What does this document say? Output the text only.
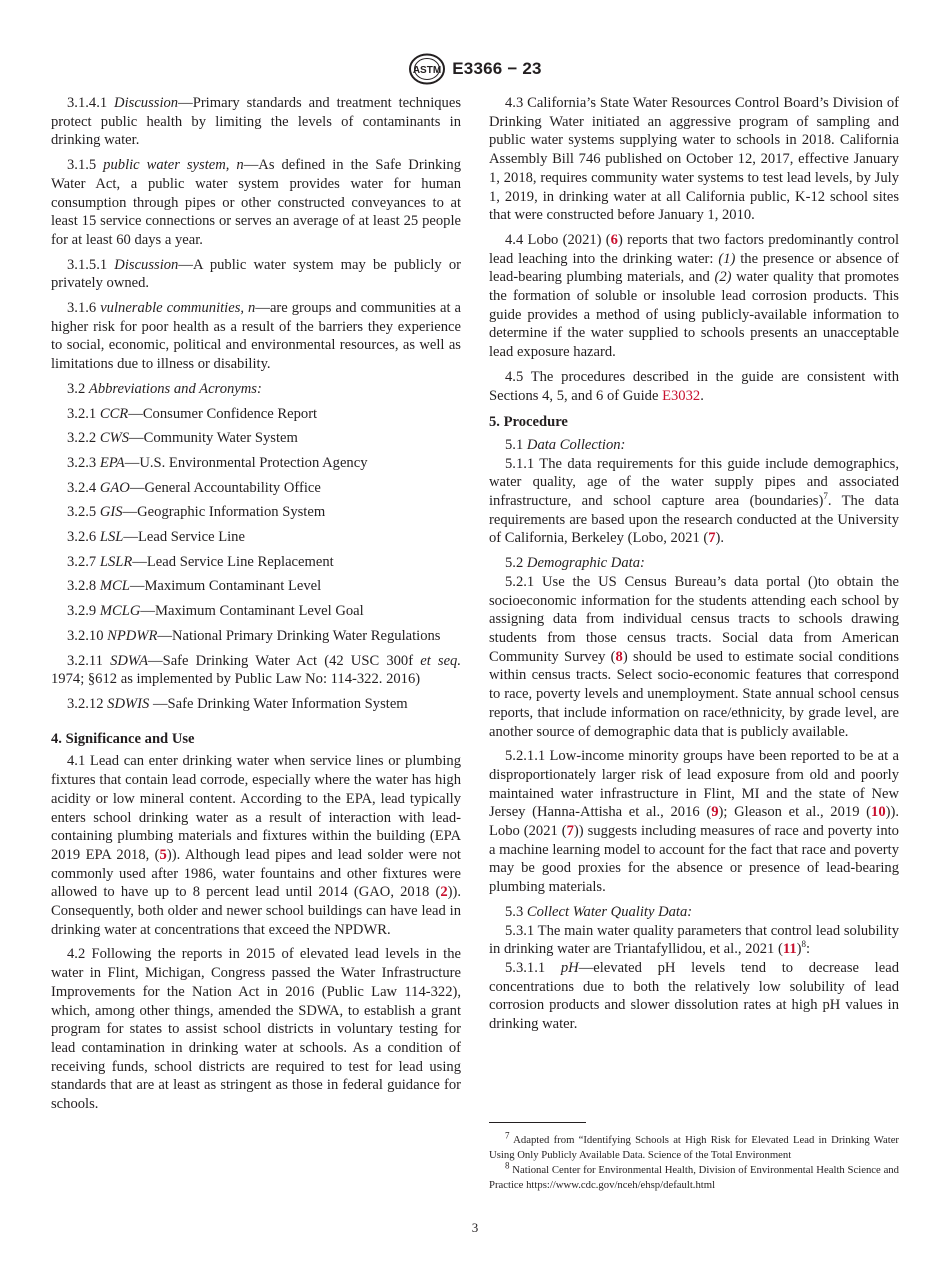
ASTM E3366 − 23

3.1.4.1 Discussion—Primary standards and treatment techniques protect public health by limiting the levels of contaminants in drinking water.

3.1.5 public water system, n—As defined in the Safe Drinking Water Act, a public water system provides water for human consumption through pipes or other constructed conveyances to at least 15 service connections or serves an average of at least 25 people for at least 60 days a year.

3.1.5.1 Discussion—A public water system may be publicly or privately owned.

3.1.6 vulnerable communities, n—are groups and communities at a higher risk for poor health as a result of the barriers they experience to social, economic, political and environmental resources, as well as limitations due to illness or disability.

3.2 Abbreviations and Acronyms:

3.2.1 CCR—Consumer Confidence Report

3.2.2 CWS—Community Water System

3.2.3 EPA—U.S. Environmental Protection Agency

3.2.4 GAO—General Accountability Office

3.2.5 GIS—Geographic Information System

3.2.6 LSL—Lead Service Line

3.2.7 LSLR—Lead Service Line Replacement

3.2.8 MCL—Maximum Contaminant Level

3.2.9 MCLG—Maximum Contaminant Level Goal

3.2.10 NPDWR—National Primary Drinking Water Regulations

3.2.11 SDWA—Safe Drinking Water Act (42 USC 300f et seq. 1974; §612 as implemented by Public Law No: 114-322. 2016)

3.2.12 SDWIS —Safe Drinking Water Information System

4. Significance and Use

4.1 Lead can enter drinking water when service lines or plumbing fixtures that contain lead corrode, especially where the water has high acidity or low mineral content. According to the EPA, lead typically enters school drinking water as a result of interaction with lead-containing plumbing materials and fixtures within the building (EPA 2019 EPA 2018, (5)). Although lead pipes and lead solder were not commonly used after 1986, water fountains and other fixtures were allowed to have up to 8 percent lead until 2014 (GAO, 2018 (2)). Consequently, both older and newer school buildings can have lead in drinking water at concentrations that exceed the NPDWR.

4.2 Following the reports in 2015 of elevated lead levels in the water in Flint, Michigan, Congress passed the Water Infrastructure Improvements for the Nation Act in 2016 (Public Law 114-322), which, among other things, amended the SDWA, to establish a grant program for states to assist school districts in voluntary testing for lead contamination in drinking water at schools. As a condition of receiving funds, school districts are required to test for lead using standards that are at least as stringent as those in federal guidance for schools.

4.3 California’s State Water Resources Control Board’s Division of Drinking Water initiated an aggressive program of sampling and public water systems supplying water to schools in 2018. California Assembly Bill 746 published on October 12, 2017, effective January 1, 2018, requires community water systems to test lead levels, by July 1, 2019, in drinking water at all California public, K-12 school sites that were constructed before January 1, 2010.

4.4 Lobo (2021) (6) reports that two factors predominantly control lead leaching into the drinking water: (1) the presence or absence of lead-bearing plumbing materials, and (2) water quality that promotes the formation of soluble or insoluble lead corrosion products. This guide provides a method of using publicly-available information to determine if the water supplied to schools presents an unacceptable lead exposure hazard.

4.5 The procedures described in the guide are consistent with Sections 4, 5, and 6 of Guide E3032.

5. Procedure

5.1 Data Collection:

5.1.1 The data requirements for this guide include demographics, water quality, age of the water supply pipes and associated infrastructure, and school capture area (boundaries)$^7$. The data requirements are based upon the research conducted at the University of California, Berkeley (Lobo, 2021 (7).

5.2 Demographic Data:

5.2.1 Use the US Census Bureau’s data portal ()to obtain the socioeconomic information for the students attending each school by assigning data from individual census tracts to schools drawing students from those census tracts. Social data from American Community Survey (8) should be used to estimate social conditions within census tracts. Select socio-economic features that correspond to race, poverty levels and unemployment. State annual school census reports, that include information on race/ethnicity, by grade level, are another source of demographic data that is publicly available.

5.2.1.1 Low-income minority groups have been reported to be at a disproportionately larger risk of lead exposure from old and poorly maintained water infrastructure in Flint, MI and the state of New Jersey (Hanna-Attisha et al., 2016 (9); Gleason et al., 2019 (10)). Lobo (2021 (7)) suggests including measures of race and poverty into a machine learning model to account for the fact that race and poverty may be good proxies for the absence or presence of lead-bearing plumbing materials.

5.3 Collect Water Quality Data:

5.3.1 The main water quality parameters that control lead solubility in drinking water are Triantafyllidou, et al., 2021 $(11)^8$:

5.3.1.1 pH—elevated pH levels tend to decrease lead concentrations due to both the relatively low solubility of lead corrosion products and slower dissolution rates at high pH values in drinking water.

$^7$ Adapted from “Identifying Schools at High Risk for Elevated Lead in Drinking Water Using Only Publicly Available Data. Science of the Total Environment

$^8$ National Center for Environmental Health, Division of Environmental Health Science and Practice https://www.cdc.gov/nceh/ehsp/default.html

3
